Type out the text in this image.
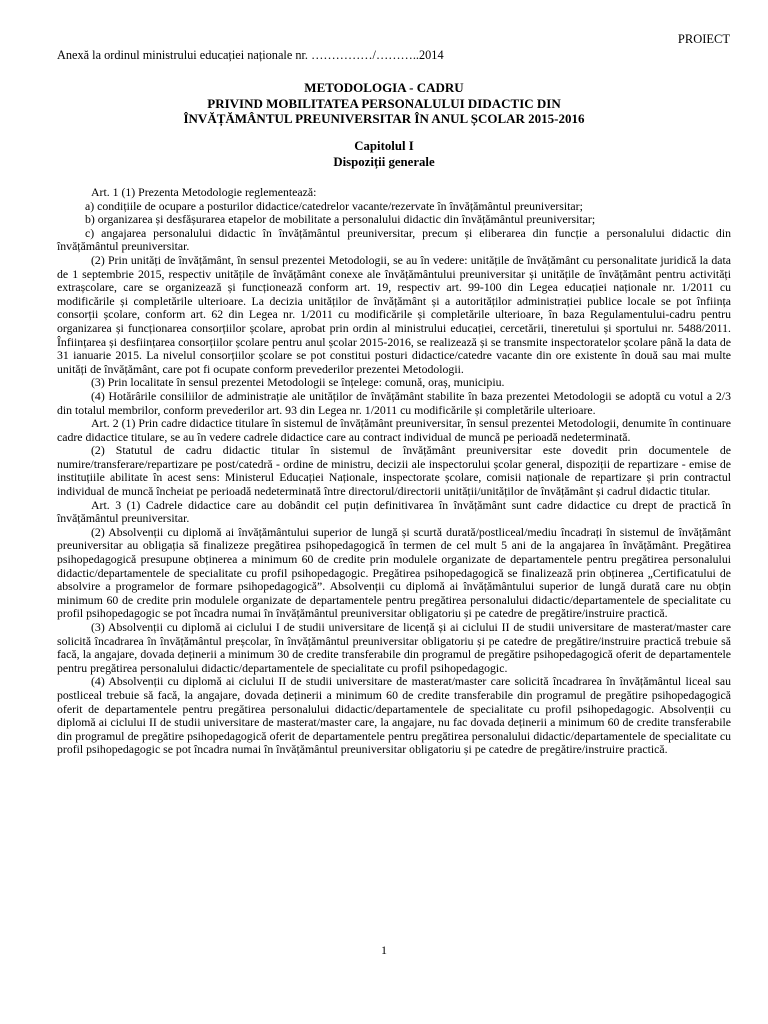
PROIECT
Anexă la ordinul ministrului educației naționale nr. ……………/………..2014
METODOLOGIA - CADRU
PRIVIND MOBILITATEA PERSONALULUI DIDACTIC DIN
ÎNVĂȚĂMÂNTUL PREUNIVERSITAR ÎN ANUL ȘCOLAR 2015-2016
Capitolul I
Dispoziții generale

Art. 1 (1) Prezenta Metodologie reglementează:

a) condițiile de ocupare a posturilor didactice/catedrelor vacante/rezervate în învățământul preuniversitar;

b) organizarea și desfășurarea etapelor de mobilitate a personalului didactic din învățământul preuniversitar;

c) angajarea personalului didactic în învățământul preuniversitar, precum și eliberarea din funcție a personalului didactic din învățământul preuniversitar.

(2) Prin unități de învățământ, în sensul prezentei Metodologii, se au în vedere: unitățile de învățământ cu personalitate juridică la data de 1 septembrie 2015, respectiv unitățile de învățământ conexe ale învățământului preuniversitar și unitățile de învățământ pentru activități extrașcolare, care se organizează și funcționează conform art. 19, respectiv art. 99-100 din Legea educației naționale nr. 1/2011 cu modificările și completările ulterioare. La decizia unităților de învățământ și a autorităților administrației publice locale se pot înființa consorții școlare, conform art. 62 din Legea nr. 1/2011 cu modificările și completările ulterioare, în baza Regulamentului-cadru pentru organizarea și funcționarea consorțiilor școlare, aprobat prin ordin al ministrului educației, cercetării, tineretului și sportului nr. 5488/2011. Înființarea și desființarea consorțiilor școlare pentru anul școlar 2015-2016, se realizează și se transmite inspectoratelor școlare până la data de 31 ianuarie 2015. La nivelul consorțiilor școlare se pot constitui posturi didactice/catedre vacante din ore existente în două sau mai multe unități de învățământ, care pot fi ocupate conform prevederilor prezentei Metodologii.

(3) Prin localitate în sensul prezentei Metodologii se înțelege: comună, oraș, municipiu.

(4) Hotărârile consiliilor de administrație ale unităților de învățământ stabilite în baza prezentei Metodologii se adoptă cu votul a 2/3 din totalul membrilor, conform prevederilor art. 93 din Legea nr. 1/2011 cu modificările și completările ulterioare.

Art. 2 (1) Prin cadre didactice titulare în sistemul de învățământ preuniversitar, în sensul prezentei Metodologii, denumite în continuare cadre didactice titulare, se au în vedere cadrele didactice care au contract individual de muncă pe perioadă nedeterminată.

(2) Statutul de cadru didactic titular în sistemul de învățământ preuniversitar este dovedit prin documentele de numire/transferare/repartizare pe post/catedră - ordine de ministru, decizii ale inspectorului școlar general, dispoziții de repartizare - emise de instituțiile abilitate în acest sens: Ministerul Educației Naționale, inspectorate școlare, comisii naționale de repartizare și prin contractul individual de muncă încheiat pe perioadă nedeterminată între directorul/directorii unității/unităților de învățământ și cadrul didactic titular.

Art. 3 (1) Cadrele didactice care au dobândit cel puțin definitivarea în învățământ sunt cadre didactice cu drept de practică în învățământul preuniversitar.

(2) Absolvenții cu diplomă ai învățământului superior de lungă și scurtă durată/postliceal/mediu încadrați în sistemul de învățământ preuniversitar au obligația să finalizeze pregătirea psihopedagogică în termen de cel mult 5 ani de la angajarea în învățământ. Pregătirea psihopedagogică presupune obținerea a minimum 60 de credite prin modulele organizate de departamentele pentru pregătirea personalului didactic/departamentele de specialitate cu profil psihopedagogic. Pregătirea psihopedagogică se finalizează prin obținerea „Certificatului de absolvire a programelor de formare psihopedagogică”. Absolvenții cu diplomă ai învățământului superior de lungă durată care nu obțin minimum 60 de credite prin modulele organizate de departamentele pentru pregătirea personalului didactic/departamentele de specialitate cu profil psihopedagogic se pot încadra numai în învățământul preuniversitar obligatoriu și pe catedre de pregătire/instruire practică.

(3) Absolvenții cu diplomă ai ciclului I de studii universitare de licență și ai ciclului II de studii universitare de masterat/master care solicită încadrarea în învățământul preșcolar, în învățământul preuniversitar obligatoriu și pe catedre de pregătire/instruire practică trebuie să facă, la angajare, dovada deținerii a minimum 30 de credite transferabile din programul de pregătire psihopedagogică oferit de departamentele pentru pregătirea personalului didactic/departamentele de specialitate cu profil psihopedagogic.

(4) Absolvenții cu diplomă ai ciclului II de studii universitare de masterat/master care solicită încadrarea în învățământul liceal sau postliceal trebuie să facă, la angajare, dovada deținerii a minimum 60 de credite transferabile din programul de pregătire psihopedagogică oferit de departamentele pentru pregătirea personalului didactic/departamentele de specialitate cu profil psihopedagogic. Absolvenții cu diplomă ai ciclului II de studii universitare de masterat/master care, la angajare, nu fac dovada deținerii a minimum 60 de credite transferabile din programul de pregătire psihopedagogică oferit de departamentele pentru pregătirea personalului didactic/departamentele de specialitate cu profil psihopedagogic se pot încadra numai în învățământul preuniversitar obligatoriu și pe catedre de pregătire/instruire practică.

1
